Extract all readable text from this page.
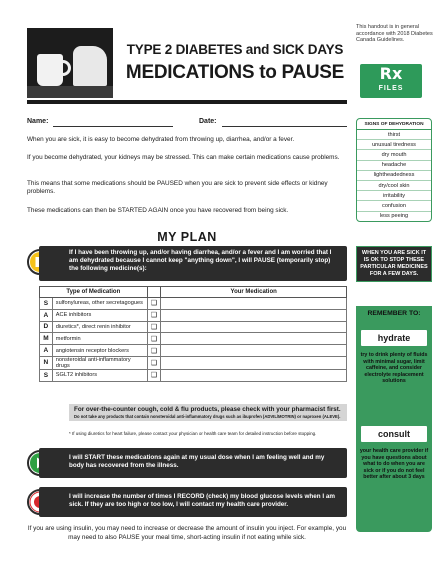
TYPE 2 DIABETES and SICK DAYS
MEDICATIONS to PAUSE
This handout is in general accordance with 2018 Diabetes Canada Guidelines.
Rx
FILES
Name:	Date:
When you are sick, it is easy to become dehydrated from throwing up, diarrhea, and/or a fever.
If you become dehydrated, your kidneys may be stressed. This can make certain medications cause problems.
This means that some medications should be PAUSED when you are sick to prevent side effects or kidney problems.
These medications can then be STARTED AGAIN once you have recovered from being sick.
MY PLAN
If I have been throwing up, and/or having diarrhea, and/or a fever and I am worried that I am dehydrated because I cannot keep "anything down", I will PAUSE (temporarily stop) the following medicine(s):
Type of Medication			Your Medication
S	sulfonylureas, other secretagogues	❑	
A	ACE inhibitors	❑	
D	diuretics*, direct renin inhibitor	❑	
M	metformin	❑	
A	angiotensin receptor blockers	❑	
N	nonsteroidal anti-inflammatory drugs	❑	
S	SGLT2 inhibitors	❑	
For over-the-counter cough, cold & flu products, please check with your pharmacist first.
Do not take any products that contain nonsteroidal anti-inflammatory drugs such as ibuprofen (ADVIL/MOTRIN) or naproxen (ALEVE).
* If using diuretics for heart failure, please contact your physician or health care team for detailed instruction before stopping.
I will START these medications again at my usual dose when I am feeling well and my body has recovered from the illness.
I will increase the number of times I RECORD (check) my blood glucose levels when I am sick. If they are too high or too low, I will contact my health care provider.
If you are using insulin, you may need to increase or decrease the amount of insulin you inject. For example, you may need to also PAUSE your meal time, short-acting insulin if not eating while sick.
SIGNS OF DEHYDRATION
thirst
unusual tiredness
dry mouth
headache
lightheadedness
dry/cool skin
irritability
confusion
less peeing
WHEN YOU ARE SICK IT IS OK TO STOP THESE PARTICULAR MEDICINES FOR A FEW DAYS.
REMEMBER TO:
hydrate
try to drink plenty of fluids with minimal sugar, limit caffeine, and consider electrolyte replacement solutions
consult
your health care provider if you have questions about what to do when you are sick or if you do not feel better after about 3 days
